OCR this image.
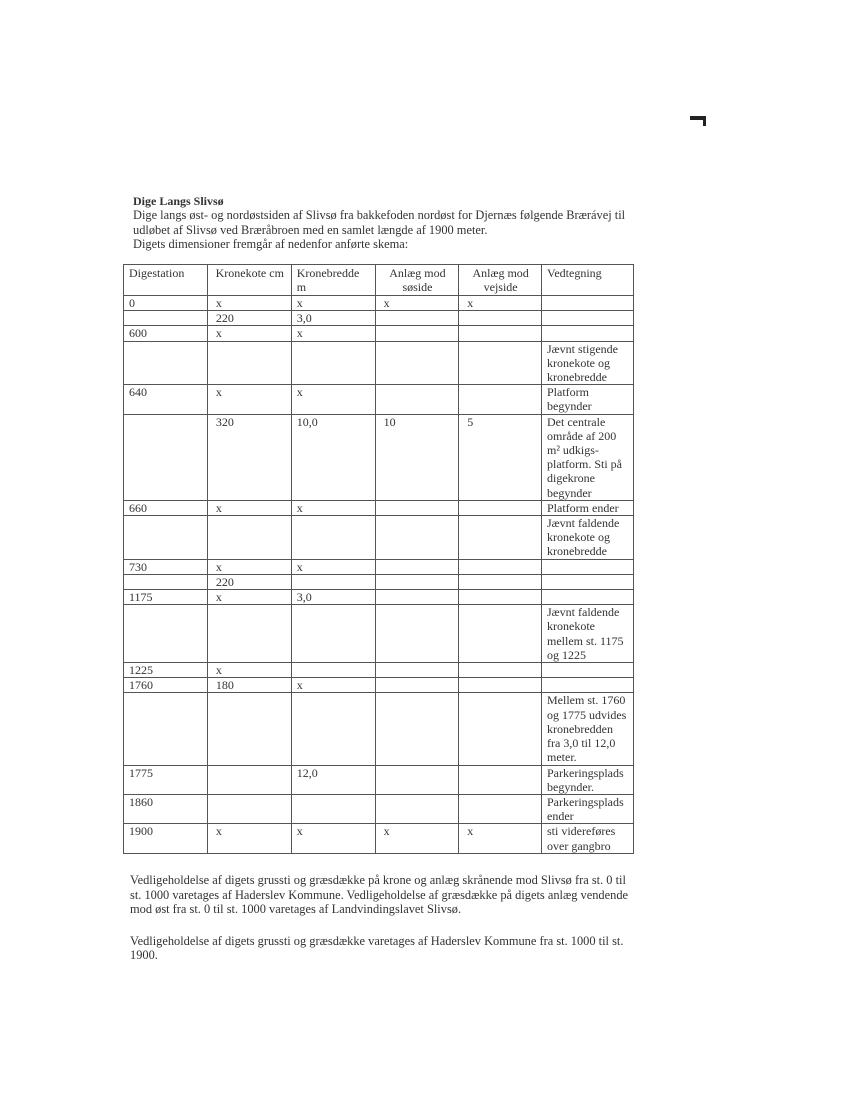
Dige Langs Slivsø

Dige langs øst- og nordøstsiden af Slivsø fra bakkefoden nordøst for Djernæs følgende Brærávej til udløbet af Slivsø ved Bræråbroen med en samlet længde af 1900 meter.

Digets dimensioner fremgår af nedenfor anførte skema:

Digestation	Kronekote cm	Kronebredde m	Anlæg mod søside	Anlæg mod vejside	Vedtegning
0	x	x	x	x	
	220	3,0			
600	x	x			
					Jævnt stigende kronekote og kronebredde
640	x	x			Platform begynder
	320	10,0	10	5	Det centrale område af 200 m² udkigs-platform. Sti på digekrone begynder
660	x	x			Platform ender
					Jævnt faldende kronekote og kronebredde
730	x	x			
	220				
1175	x	3,0			
					Jævnt faldende kronekote mellem st. 1175 og 1225
1225	x				
1760	180	x			
					Mellem st. 1760 og 1775 udvides kronebredden fra 3,0 til 12,0 meter.
1775		12,0			Parkeringsplads begynder.
1860					Parkeringsplads ender
1900	x	x	x	x	sti videreføres over gangbro

Vedligeholdelse af digets grussti og græsdække på krone og anlæg skrånende mod Slivsø fra st. 0 til st. 1000 varetages af Haderslev Kommune. Vedligeholdelse af græsdække på digets anlæg vendende mod øst fra st. 0 til st. 1000 varetages af Landvindingslavet Slivsø.

Vedligeholdelse af digets grussti og græsdække varetages af Haderslev Kommune fra st. 1000 til st. 1900.
